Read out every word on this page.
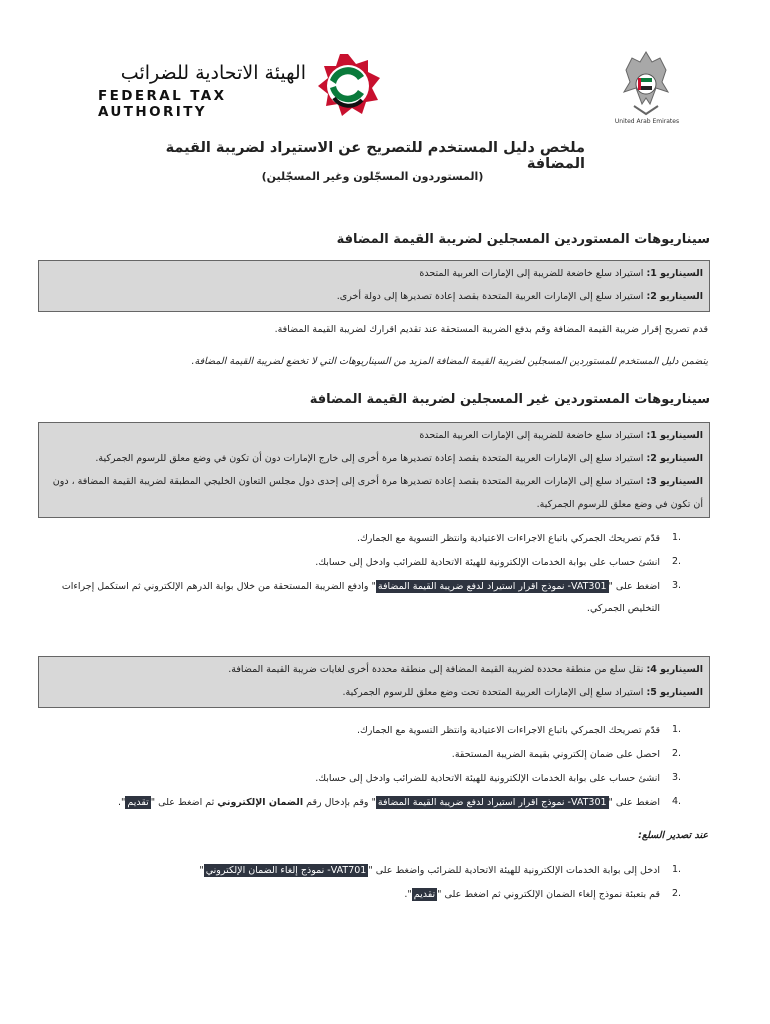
United Arab Emirates
الهيئة الاتحادية للضرائب
FEDERAL TAX AUTHORITY
ملخص دليل المستخدم للتصريح عن الاستيراد لضريبة القيمة المضافة
(المستوردون المسجّلون وغير المسجّلين)
سيناريوهات المستوردين المسجلين لضريبة القيمة المضافة
السيناريو 1: استيراد سلع خاضعة للضريبة إلى الإمارات العربية المتحدة
السيناريو 2: استيراد سلع إلى الإمارات العربية المتحدة بقصد إعادة تصديرها إلى دولة أخرى.
قدم تصريح إقرار ضريبة القيمة المضافة وقم بدفع الضريبة المستحقة عند تقديم اقرارك لضريبة القيمة المضافة.
يتضمن دليل المستخدم للمستوردين المسجلين لضريبة القيمة المضافة المزيد من السيناريوهات التي لا تخضع لضريبة القيمة المضافة.
سيناريوهات المستوردين غير المسجلين لضريبة القيمة المضافة
السيناريو 1: استيراد سلع خاضعة للضريبة إلى الإمارات العربية المتحدة
السيناريو 2: استيراد سلع إلى الإمارات العربية المتحدة بقصد إعادة تصديرها مرة أخرى إلى خارج الإمارات دون أن تكون في وضع معلق للرسوم الجمركية.
السيناريو 3: استيراد سلع إلى الإمارات العربية المتحدة بقصد إعادة تصديرها مرة أخرى إلى إحدى دول مجلس التعاون الخليجي المطبقة لضريبة القيمة المضافة ، دون
أن تكون في وضع معلق للرسوم الجمركية.
1.
قدّم تصريحك الجمركي باتباع الاجراءات الاعتيادية وانتظر التسوية مع الجمارك.
2.
انشئ حساب على بوابة الخدمات الإلكترونية للهيئة الاتحادية للضرائب وادخل إلى حسابك.
3.
اضغط على "VAT301- نموذج اقرار استيراد لدفع ضريبة القيمة المضافة" وادفع الضريبة المستحقة من خلال بوابة الدرهم الإلكتروني ثم استكمل إجراءات
التخليص الجمركي.
السيناريو 4: نقل سلع من منطقة محددة لضريبة القيمة المضافة إلى منطقة محددة أخرى لغايات ضريبة القيمة المضافة.
السيناريو 5: استيراد سلع إلى الإمارات العربية المتحدة تحت وضع معلق للرسوم الجمركية.
1.
قدّم تصريحك الجمركي باتباع الاجراءات الاعتيادية وانتظر التسوية مع الجمارك.
2.
احصل على ضمان إلكتروني بقيمة الضريبة المستحقة.
3.
انشئ حساب على بوابة الخدمات الإلكترونية للهيئة الاتحادية للضرائب وادخل إلى حسابك.
4.
اضغط على "VAT301- نموذج اقرار استيراد لدفع ضريبة القيمة المضافة" وقم بإدخال رقم الضمان الإلكتروني ثم اضغط على "تقديم".
عند تصدير السلع:
1.
ادخل إلى بوابة الخدمات الإلكترونية للهيئة الاتحادية للضرائب واضغط على "VAT701- نموذج إلغاء الضمان الإلكتروني"
2.
قم بتعبئة نموذج إلغاء الضمان الإلكتروني ثم اضغط على "تقديم".
